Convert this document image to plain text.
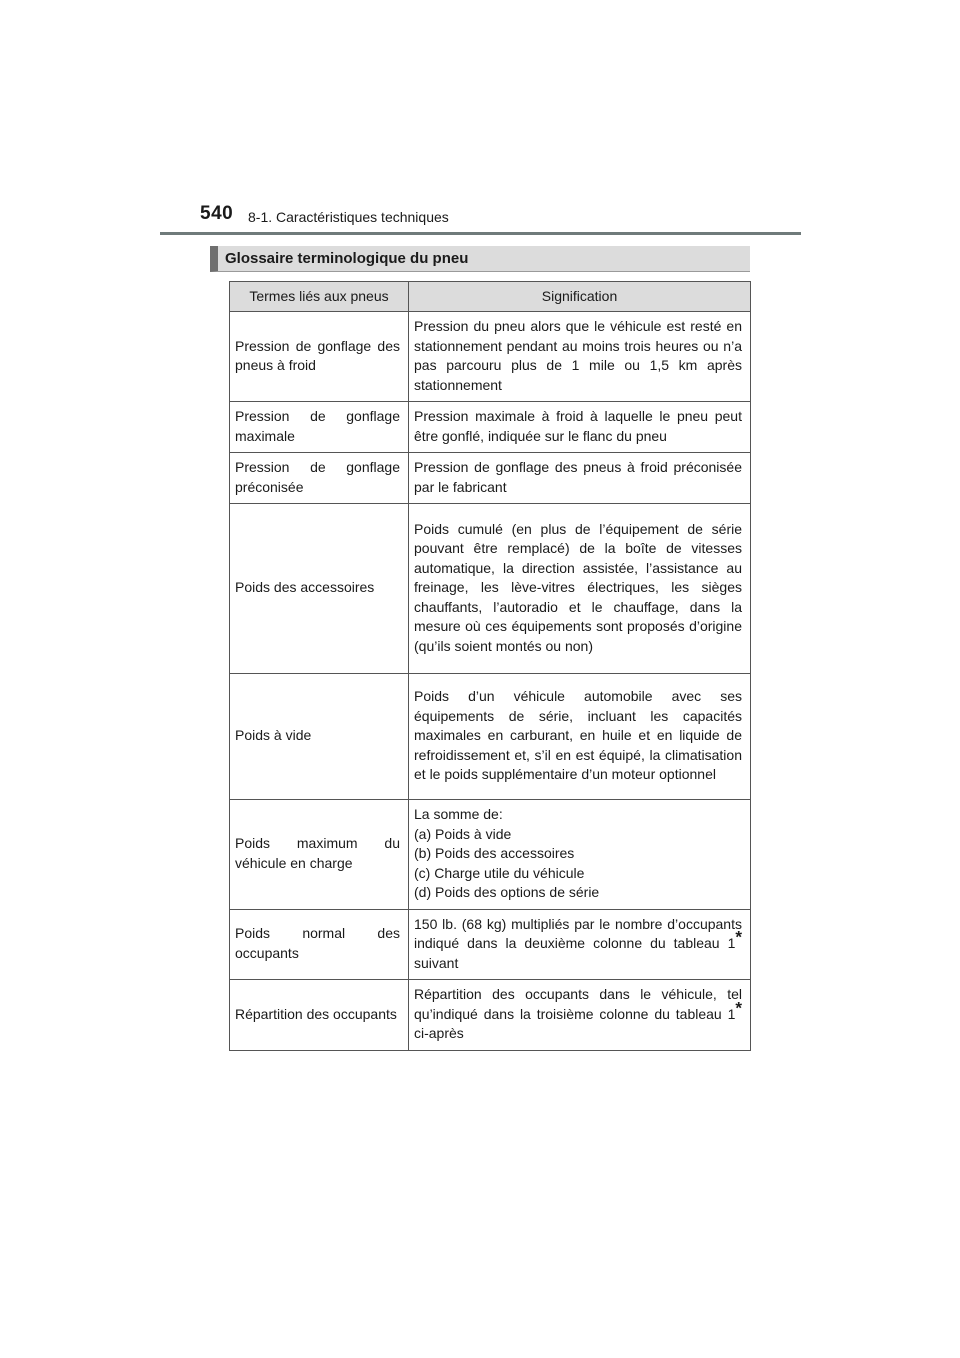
540 8-1. Caractéristiques techniques
Glossaire terminologique du pneu
Termes liés aux pneus	Signification
Pression de gonflage des pneus à froid	Pression du pneu alors que le véhicule est resté en stationnement pendant au moins trois heures ou n’a pas parcouru plus de 1 mile ou 1,5 km après stationnement
Pression de gonflage maximale	Pression maximale à froid à laquelle le pneu peut être gonflé, indiquée sur le flanc du pneu
Pression de gonflage préconisée	Pression de gonflage des pneus à froid préconisée par le fabricant
Poids des accessoires	Poids cumulé (en plus de l’équipement de série pouvant être remplacé) de la boîte de vitesses automatique, la direction assistée, l’assistance au freinage, les lève-vitres électriques, les sièges chauffants, l’autoradio et le chauffage, dans la mesure où ces équipements sont proposés d’origine (qu’ils soient montés ou non)
Poids à vide	Poids d’un véhicule automobile avec ses équipements de série, incluant les capacités maximales en carburant, en huile et en liquide de refroidissement et, s’il en est équipé, la climatisation et le poids supplémentaire d’un moteur optionnel
Poids maximum du véhicule en charge	La somme de:
(a) Poids à vide
(b) Poids des accessoires
(c) Charge utile du véhicule
(d) Poids des options de série

Poids normal des occupants	150 lb. (68 kg) multipliés par le nombre d’occupants indiqué dans la deuxième colonne du tableau 1* suivant
Répartition des occupants	Répartition des occupants dans le véhicule, tel qu’indiqué dans la troisième colonne du tableau 1* ci-après
